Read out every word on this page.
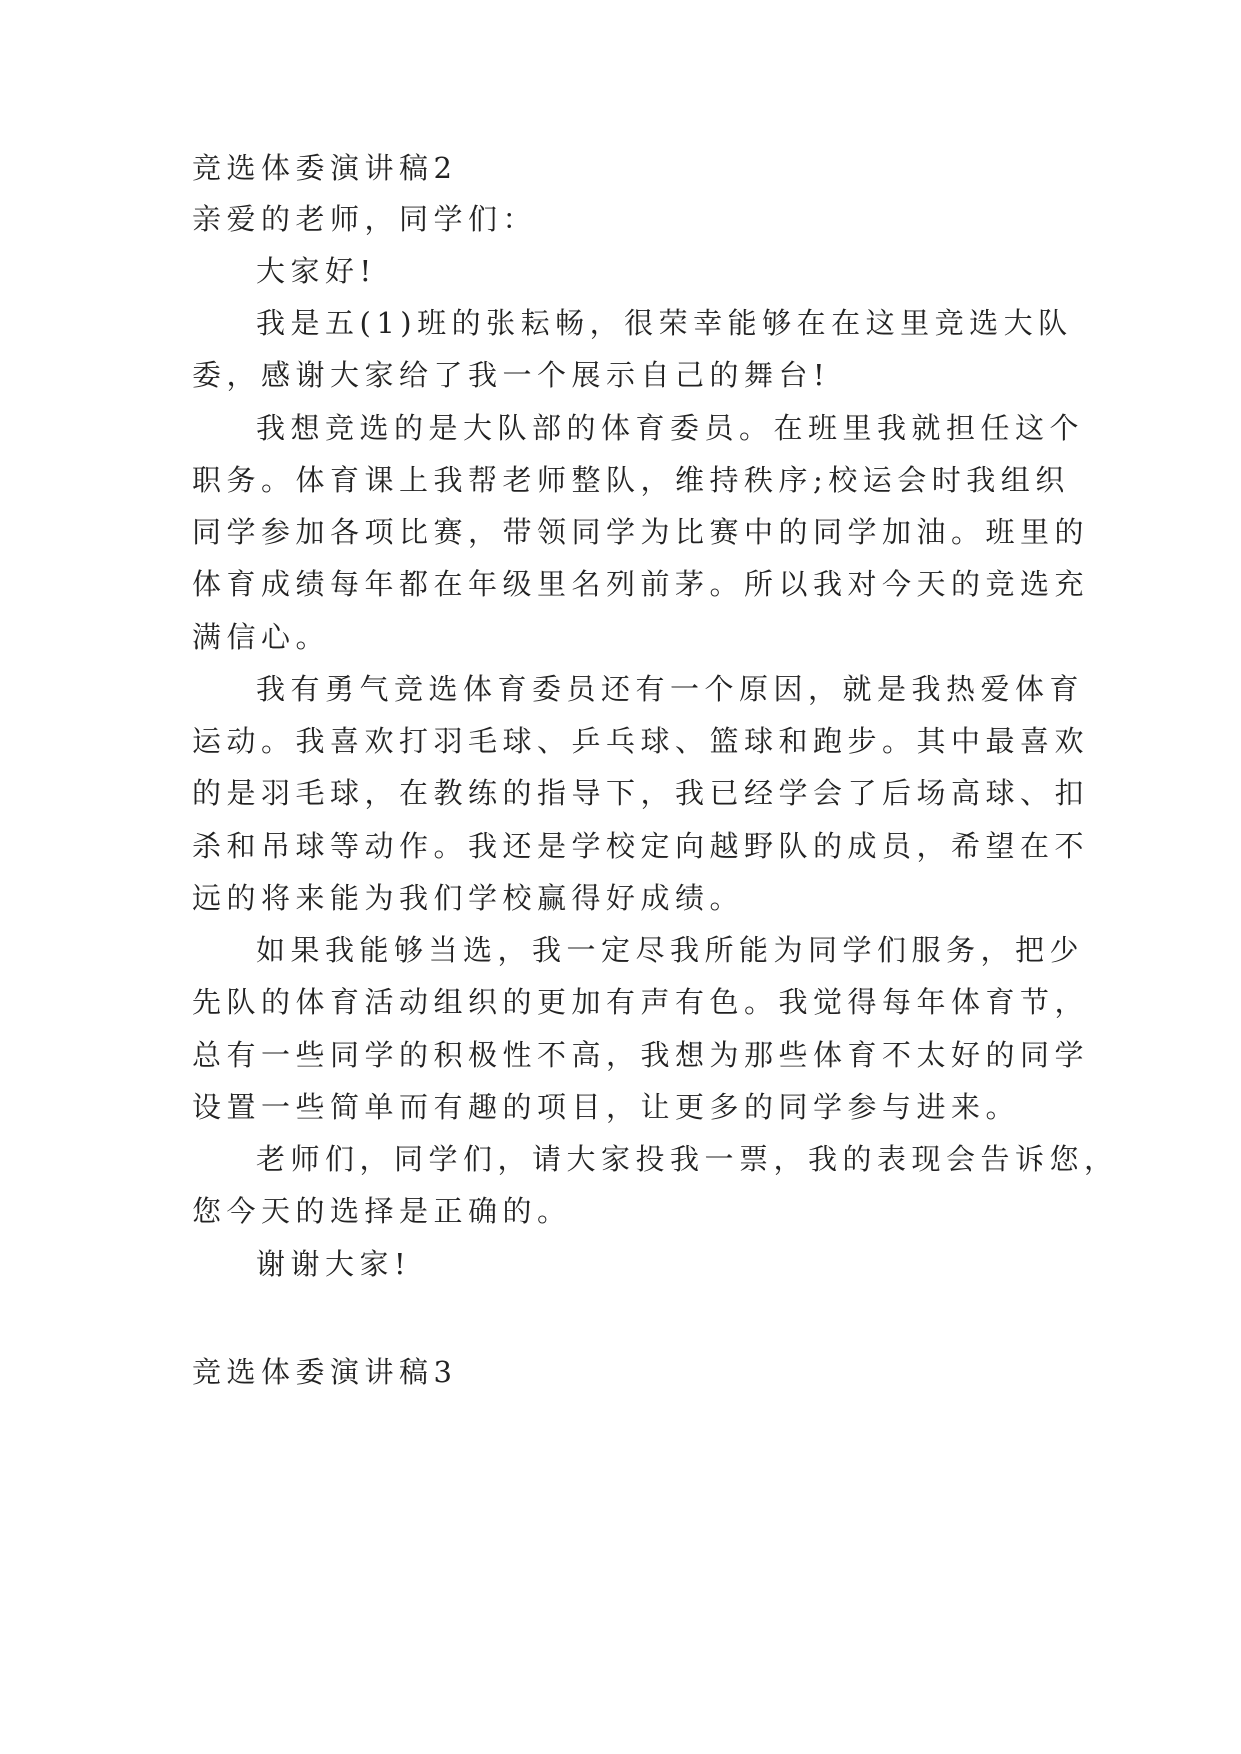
竞选体委演讲稿2
亲爱的老师，同学们：
大家好!
我是五(1)班的张耘畅，很荣幸能够在在这里竞选大队
委，感谢大家给了我一个展示自己的舞台!
我想竞选的是大队部的体育委员。在班里我就担任这个
职务。体育课上我帮老师整队，维持秩序;校运会时我组织
同学参加各项比赛，带领同学为比赛中的同学加油。班里的
体育成绩每年都在年级里名列前茅。所以我对今天的竞选充
满信心。
我有勇气竞选体育委员还有一个原因，就是我热爱体育
运动。我喜欢打羽毛球、乒乓球、篮球和跑步。其中最喜欢
的是羽毛球，在教练的指导下，我已经学会了后场高球、扣
杀和吊球等动作。我还是学校定向越野队的成员，希望在不
远的将来能为我们学校赢得好成绩。
如果我能够当选，我一定尽我所能为同学们服务，把少
先队的体育活动组织的更加有声有色。我觉得每年体育节，
总有一些同学的积极性不高，我想为那些体育不太好的同学
设置一些简单而有趣的项目，让更多的同学参与进来。
老师们，同学们，请大家投我一票，我的表现会告诉您，
您今天的选择是正确的。
谢谢大家!
竞选体委演讲稿3
